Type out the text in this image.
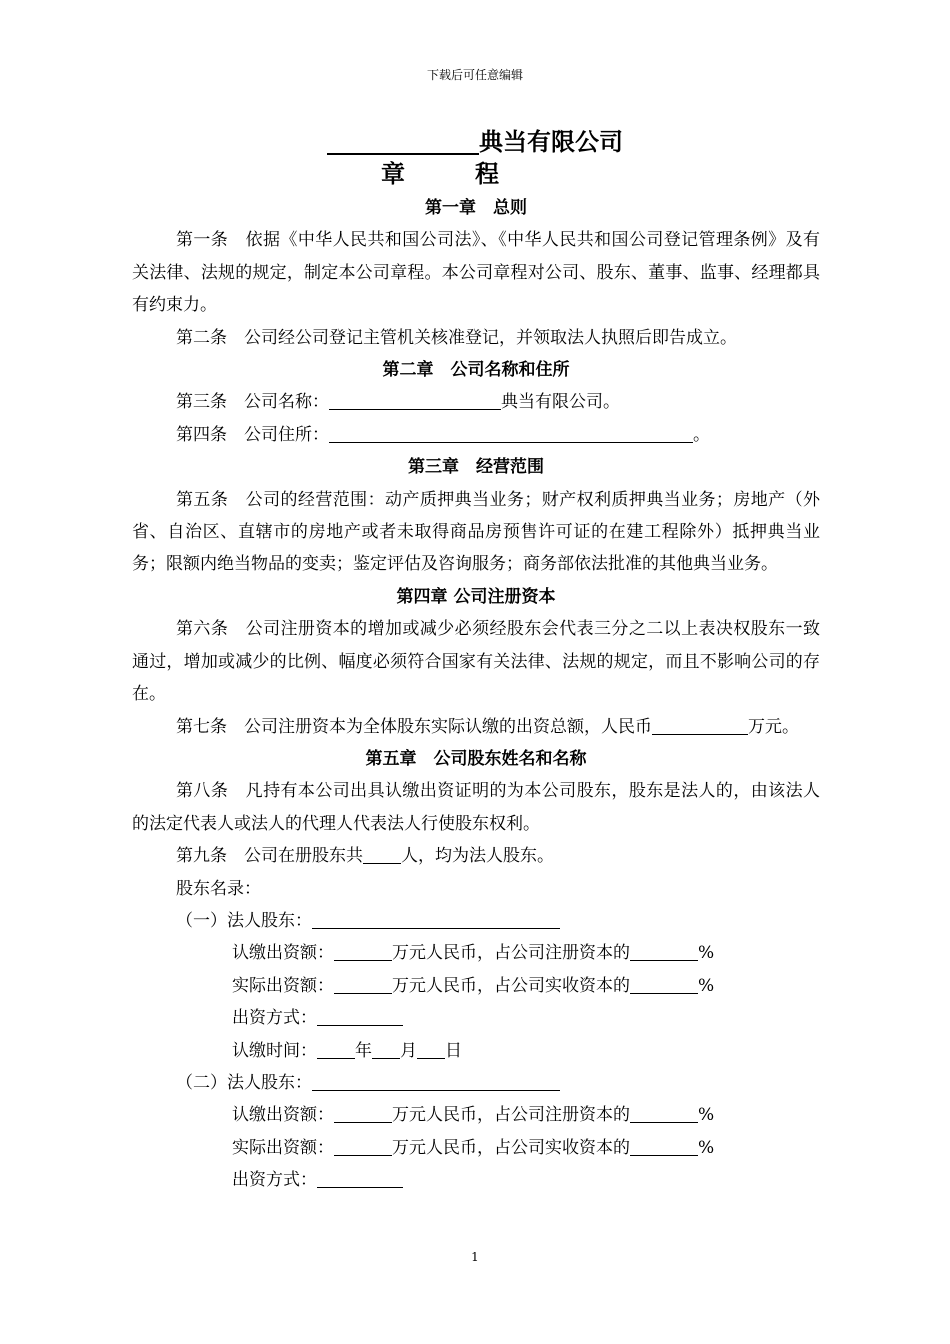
下载后可任意编辑
典当有限公司
章程
第一章　总则

第一条　依据《中华人民共和国公司法》、《中华人民共和国公司登记管理条例》及有关法律、法规的规定，制定本公司章程。本公司章程对公司、股东、董事、监事、经理都具有约束力。

第二条　公司经公司登记主管机关核准登记，并领取法人执照后即告成立。

第二章　公司名称和住所

第三条　公司名称：	典当有限公司。

第四条　公司住所：	。

第三章　经营范围

第五条　公司的经营范围：动产质押典当业务；财产权利质押典当业务；房地产（外省、自治区、直辖市的房地产或者未取得商品房预售许可证的在建工程除外）抵押典当业务；限额内绝当物品的变卖；鉴定评估及咨询服务；商务部依法批准的其他典当业务。

第四章 公司注册资本

第六条　公司注册资本的增加或减少必须经股东会代表三分之二以上表决权股东一致通过，增加或减少的比例、幅度必须符合国家有关法律、法规的规定，而且不影响公司的存在。

第七条　公司注册资本为全体股东实际认缴的出资总额，人民币	万元。

第五章　公司股东姓名和名称

第八条　凡持有本公司出具认缴出资证明的为本公司股东，股东是法人的，由该法人的法定代表人或法人的代理人代表法人行使股东权利。

第九条　公司在册股东共 人，均为法人股东。

股东名录：

（一）法人股东：

认缴出资额：	万元人民币，占公司注册资本的	%

实际出资额：	万元人民币，占公司实收资本的	%

出资方式：

认缴时间： 年 月 日

（二）法人股东：

认缴出资额：	万元人民币，占公司注册资本的	%

实际出资额：	万元人民币，占公司实收资本的	%

出资方式：

1
